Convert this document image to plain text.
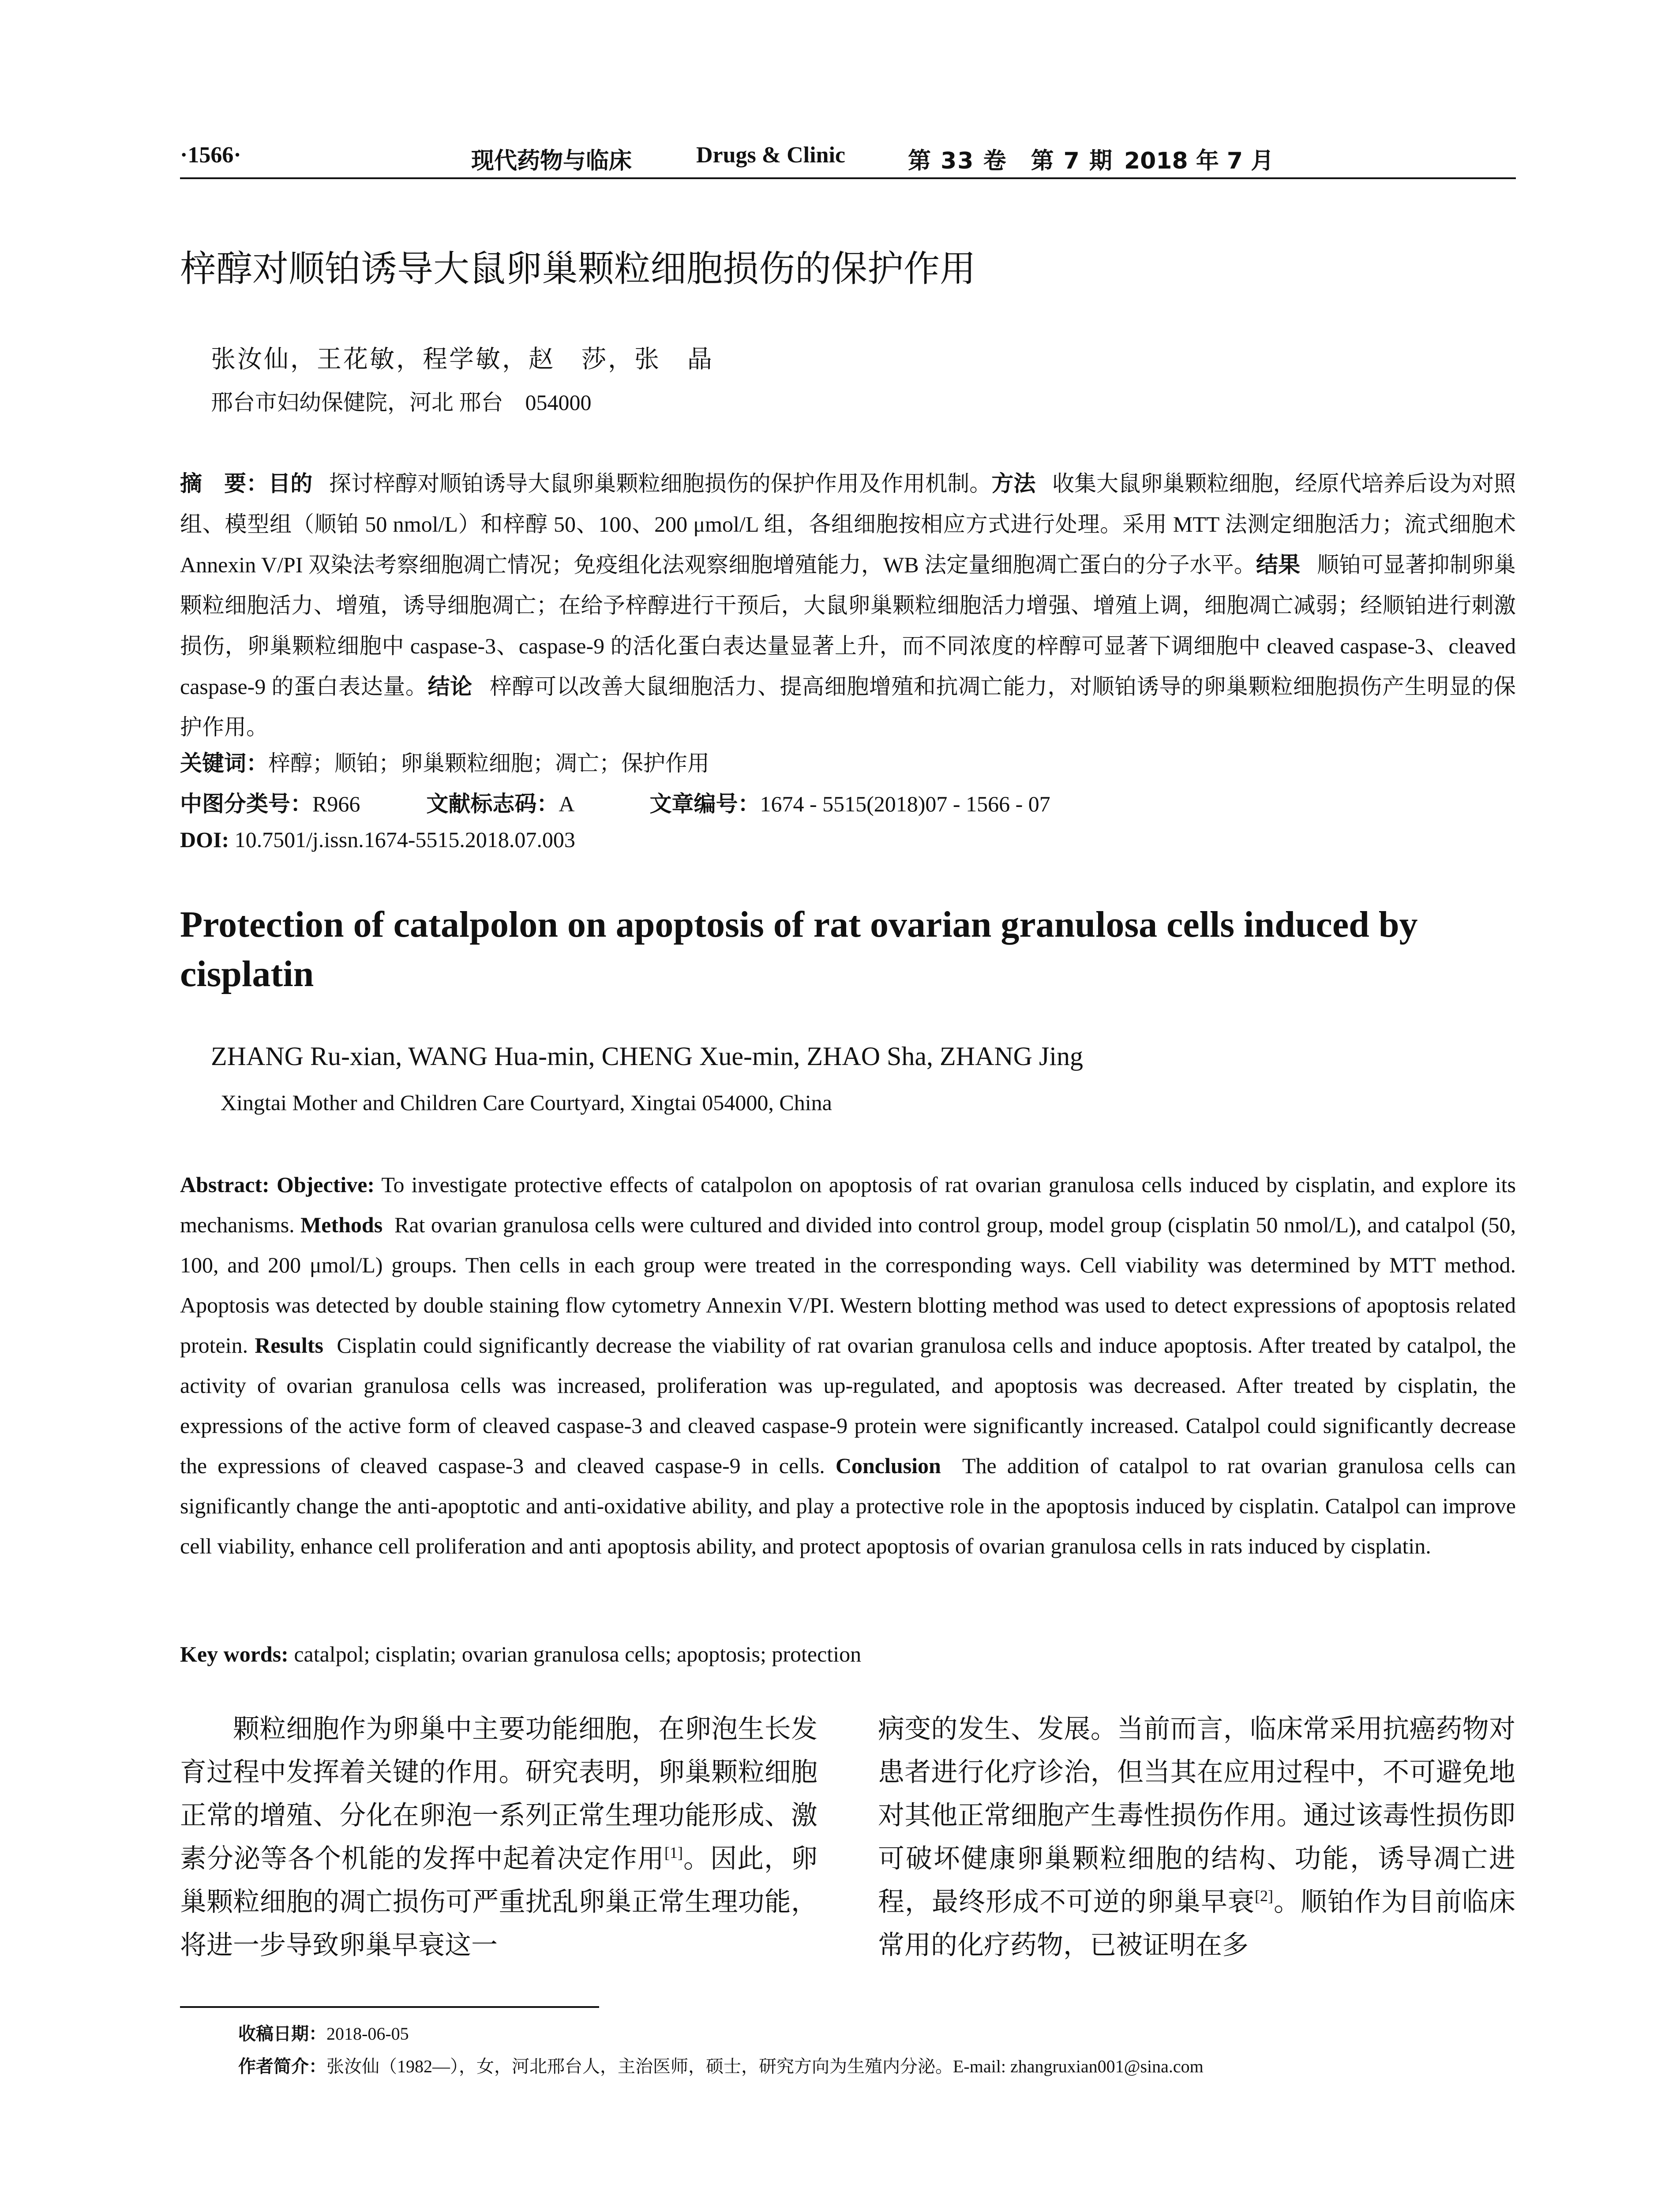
·1566·	现代药物与临床	Drugs & Clinic	第 33 卷　第 7 期 2018 年 7 月
梓醇对顺铂诱导大鼠卵巢颗粒细胞损伤的保护作用
张汝仙，王花敏，程学敏，赵　莎，张　晶
邢台市妇幼保健院，河北 邢台　054000
摘　要：目的 探讨梓醇对顺铂诱导大鼠卵巢颗粒细胞损伤的保护作用及作用机制。方法 收集大鼠卵巢颗粒细胞，经原代培养后设为对照组、模型组（顺铂 50 nmol/L）和梓醇 50、100、200 μmol/L 组，各组细胞按相应方式进行处理。采用 MTT 法测定细胞活力；流式细胞术 Annexin V/PI 双染法考察细胞凋亡情况；免疫组化法观察细胞增殖能力，WB 法定量细胞凋亡蛋白的分子水平。结果 顺铂可显著抑制卵巢颗粒细胞活力、增殖，诱导细胞凋亡；在给予梓醇进行干预后，大鼠卵巢颗粒细胞活力增强、增殖上调，细胞凋亡减弱；经顺铂进行刺激损伤，卵巢颗粒细胞中 caspase-3、caspase-9 的活化蛋白表达量显著上升，而不同浓度的梓醇可显著下调细胞中 cleaved caspase-3、cleaved caspase-9 的蛋白表达量。结论 梓醇可以改善大鼠细胞活力、提高细胞增殖和抗凋亡能力，对顺铂诱导的卵巢颗粒细胞损伤产生明显的保护作用。
关键词：梓醇；顺铂；卵巢颗粒细胞；凋亡；保护作用
中图分类号：R966	文献标志码：A	文章编号：1674 - 5515(2018)07 - 1566 - 07
DOI: 10.7501/j.issn.1674-5515.2018.07.003
Protection of catalpolon on apoptosis of rat ovarian granulosa cells induced by cisplatin
ZHANG Ru-xian, WANG Hua-min, CHENG Xue-min, ZHAO Sha, ZHANG Jing
Xingtai Mother and Children Care Courtyard, Xingtai 054000, China
Abstract: Objective: To investigate protective effects of catalpolon on apoptosis of rat ovarian granulosa cells induced by cisplatin, and explore its mechanisms. Methods Rat ovarian granulosa cells were cultured and divided into control group, model group (cisplatin 50 nmol/L), and catalpol (50, 100, and 200 μmol/L) groups. Then cells in each group were treated in the corresponding ways. Cell viability was determined by MTT method. Apoptosis was detected by double staining flow cytometry Annexin V/PI. Western blotting method was used to detect expressions of apoptosis related protein. Results Cisplatin could significantly decrease the viability of rat ovarian granulosa cells and induce apoptosis. After treated by catalpol, the activity of ovarian granulosa cells was increased, proliferation was up-regulated, and apoptosis was decreased. After treated by cisplatin, the expressions of the active form of cleaved caspase-3 and cleaved caspase-9 protein were significantly increased. Catalpol could significantly decrease the expressions of cleaved caspase-3 and cleaved caspase-9 in cells. Conclusion The addition of catalpol to rat ovarian granulosa cells can significantly change the anti-apoptotic and anti-oxidative ability, and play a protective role in the apoptosis induced by cisplatin. Catalpol can improve cell viability, enhance cell proliferation and anti apoptosis ability, and protect apoptosis of ovarian granulosa cells in rats induced by cisplatin.
Key words: catalpol; cisplatin; ovarian granulosa cells; apoptosis; protection
颗粒细胞作为卵巢中主要功能细胞，在卵泡生长发育过程中发挥着关键的作用。研究表明，卵巢颗粒细胞正常的增殖、分化在卵泡一系列正常生理功能形成、激素分泌等各个机能的发挥中起着决定作用[1]。因此，卵巢颗粒细胞的凋亡损伤可严重扰乱卵巢正常生理功能，将进一步导致卵巢早衰这一
病变的发生、发展。当前而言，临床常采用抗癌药物对患者进行化疗诊治，但当其在应用过程中，不可避免地对其他正常细胞产生毒性损伤作用。通过该毒性损伤即可破坏健康卵巢颗粒细胞的结构、功能，诱导凋亡进程，最终形成不可逆的卵巢早衰[2]。顺铂作为目前临床常用的化疗药物，已被证明在多
收稿日期：2018-06-05
作者简介：张汝仙（1982—），女，河北邢台人，主治医师，硕士，研究方向为生殖内分泌。E-mail: zhangruxian001@sina.com
